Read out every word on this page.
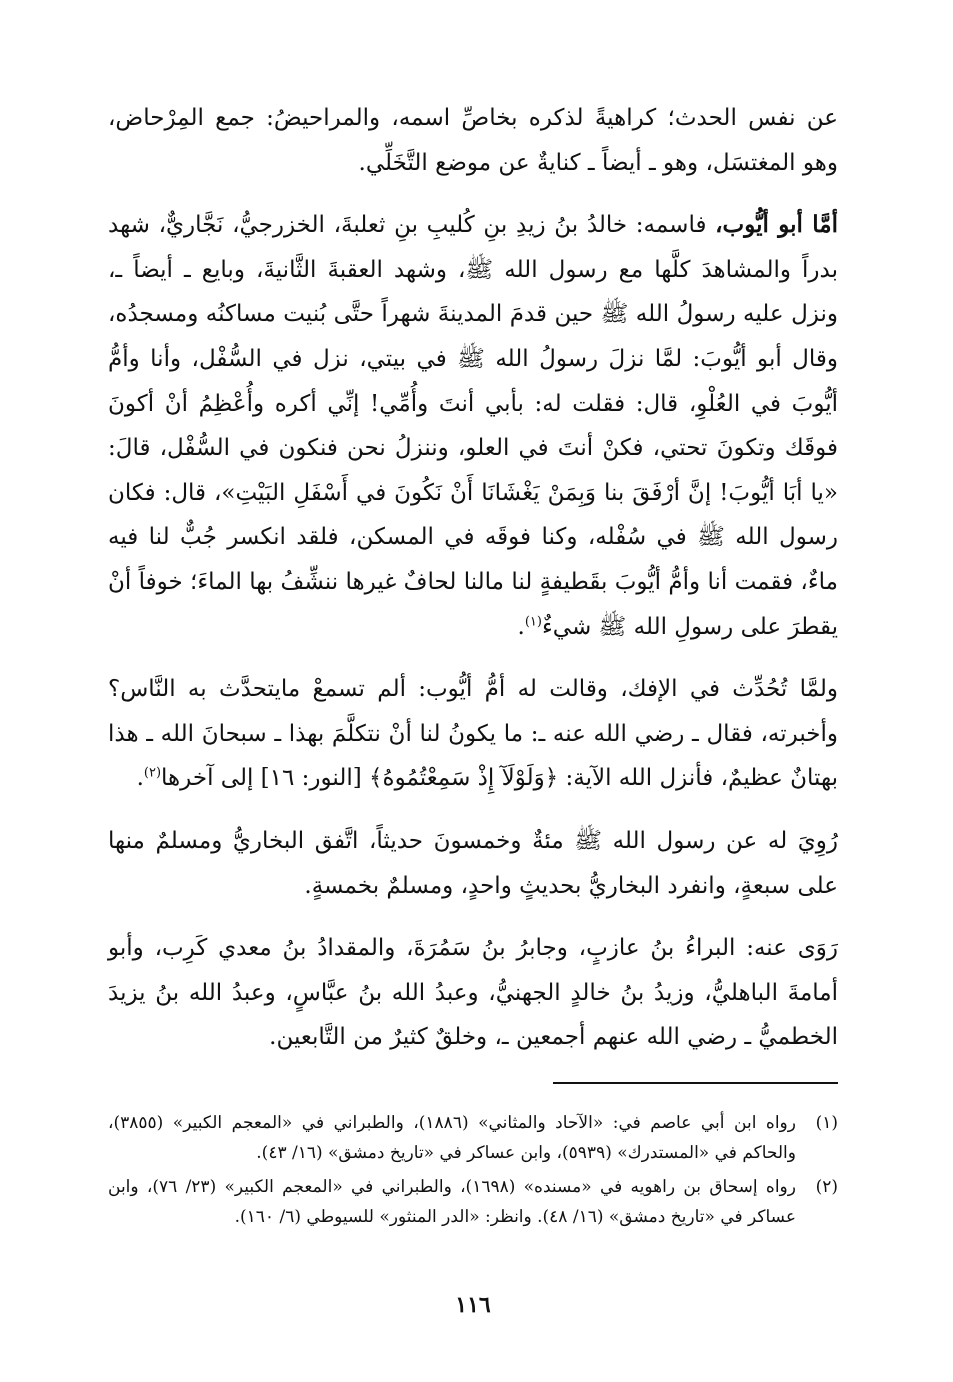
عن نفس الحدث؛ كراهيةً لذكره بخاصِّ اسمه، والمراحيضُ: جمع المِرْحاض، وهو المغتسَل، وهو ـ أيضاً ـ كنايةٌ عن موضع التَّخَلِّي.

أمَّا أبو أيُّوب، فاسمه: خالدُ بنُ زيدِ بنِ كُليبِ بنِ ثعلبةَ، الخزرجيُّ، نَجَّاريٌّ، شهد بدراً والمشاهدَ كلَّها مع رسول الله ﷺ، وشهد العقبةَ الثَّانيةَ، وبايع ـ أيضاً ـ، ونزل عليه رسولُ الله ﷺ حين قدمَ المدينةَ شهراً حتَّى بُنيت مساكنُه ومسجدُه، وقال أبو أيُّوبَ: لمَّا نزلَ رسولُ الله ﷺ في بيتي، نزل في السُّفْل، وأنا وأمُّ أيُّوبَ في العُلْوِ، قال: فقلت له: بأبي أنتَ وأُمِّي! إنِّي أكره وأُعْظِمُ أنْ أكونَ فوقَك وتكونَ تحتي، فكنْ أنتَ في العلو، وننزلُ نحن فنكون في السُّفْل، قالَ: «يا أبَا أيُّوبَ! إنَّ أرْفَقَ بنا وَبِمَنْ يَغْشَانَا أَنْ نَكُونَ في أَسْفَلِ البَيْتِ»، قال: فكان رسول الله ﷺ في سُفْله، وكنا فوقَه في المسكن، فلقد انكسر جُبٌّ لنا فيه ماءٌ، فقمت أنا وأمُّ أيُّوبَ بقَطيفةٍ لنا مالنا لحافٌ غيرها ننشِّفُ بها الماءَ؛ خوفاً أنْ يقطرَ على رسولِ الله ﷺ شيءٌ$^{(١)}$.

ولمَّا تُحُدِّث في الإفك، وقالت له أمُّ أيُّوب: ألم تسمعْ مايتحدَّث به النَّاس؟ وأخبرته، فقال ـ رضي الله عنه ـ: ما يكونُ لنا أنْ نتكلَّمَ بهذا ـ سبحانَ الله ـ هذا بهتانٌ عظيمٌ، فأنزل الله الآية: ﴿وَلَوْلَآ إِذْ سَمِعْتُمُوهُ﴾ [النور: ١٦] إلى آخرها$^{(٢)}$.

رُوِيَ له عن رسول الله ﷺ مئةٌ وخمسونَ حديثاً، اتَّفق البخاريُّ ومسلمٌ منها على سبعةٍ، وانفرد البخاريُّ بحديثٍ واحدٍ، ومسلمٌ بخمسةٍ.

رَوَى عنه: البراءُ بنُ عازبٍ، وجابرُ بنُ سَمُرَةَ، والمقدادُ بنُ معدي كَرِب، وأبو أمامةَ الباهليُّ، وزيدُ بنُ خالدٍ الجهنيُّ، وعبدُ الله بنُ عبَّاسٍ، وعبدُ الله بنُ يزيدَ الخطميُّ ـ رضي الله عنهم أجمعين ـ، وخلقٌ كثيرٌ من التَّابعين.

(١)
رواه ابن أبي عاصم في: «الآحاد والمثاني» (١٨٨٦)، والطبراني في «المعجم الكبير» (٣٨٥٥)، والحاكم في «المستدرك» (٥٩٣٩)، وابن عساكر في «تاريخ دمشق» (١٦/ ٤٣).
(٢)
رواه إسحاق بن راهويه في «مسنده» (١٦٩٨)، والطبراني في «المعجم الكبير» (٢٣/ ٧٦)، وابن عساكر في «تاريخ دمشق» (١٦/ ٤٨). وانظر: «الدر المنثور» للسيوطي (٦/ ١٦٠).
١١٦
